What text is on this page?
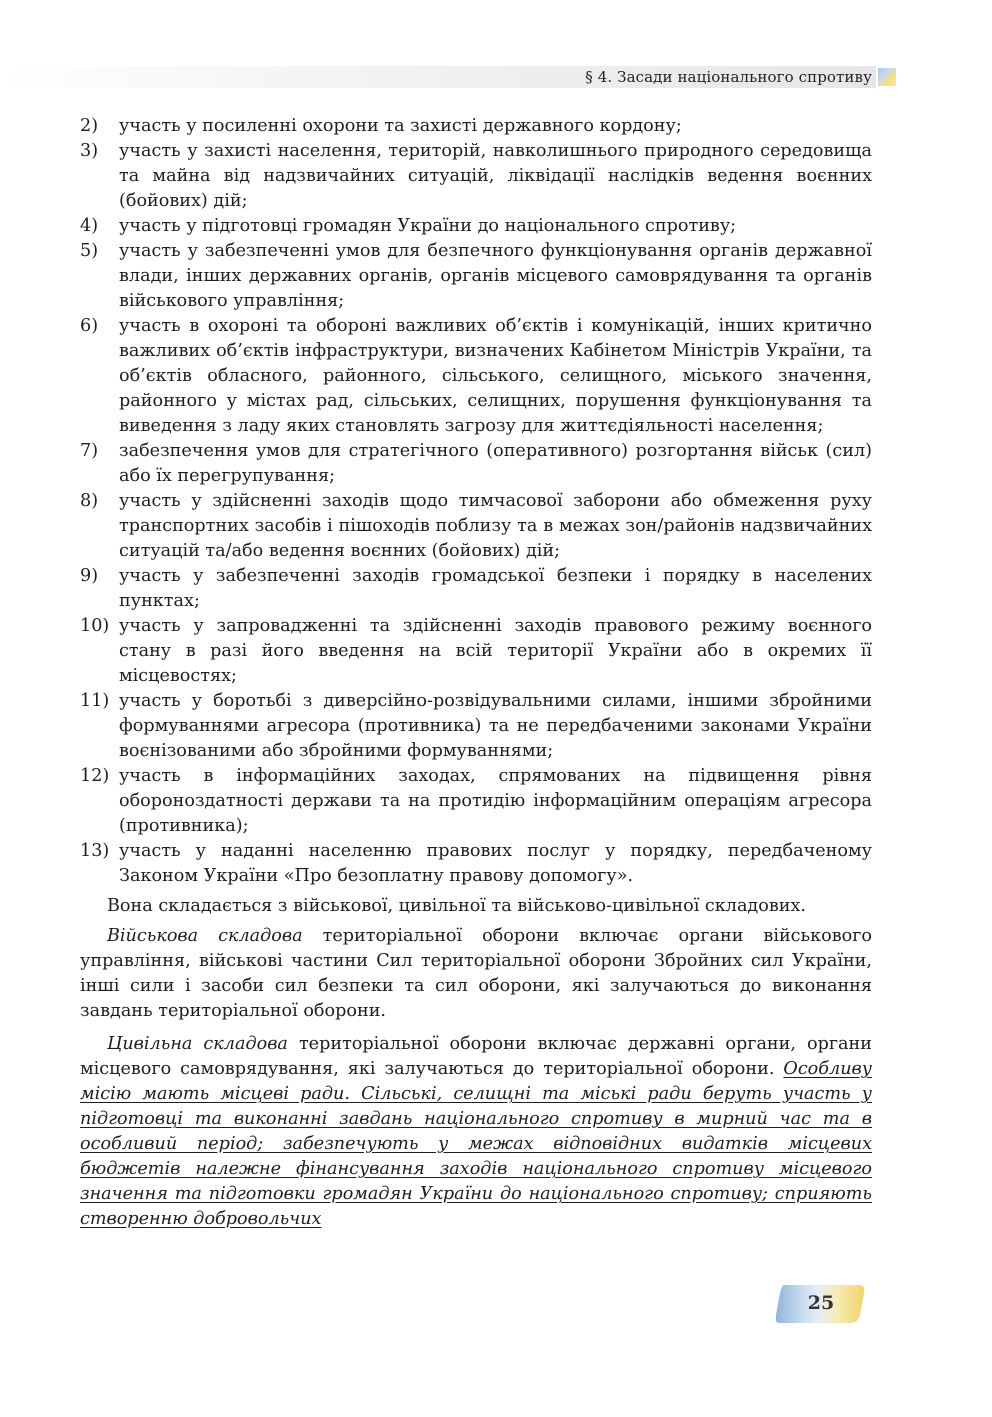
§ 4. Засади національного спротиву
2)	участь у посиленні охорони та захисті державного кордону;
3)	участь у захисті населення, територій, навколишнього природного середовища та майна від надзвичайних ситуацій, ліквідації наслідків ведення воєнних (бойових) дій;
4)	участь у підготовці громадян України до національного спротиву;
5)	участь у забезпеченні умов для безпечного функціонування органів державної влади, інших державних органів, органів місцевого самоврядування та органів військового управління;
6)	участь в охороні та обороні важливих об’єктів і комунікацій, інших критично важливих об’єктів інфраструктури, визначених Кабінетом Міністрів України, та об’єктів обласного, районного, сільського, селищного, міського значення, районного у містах рад, сільських, селищних, порушення функціонування та виведення з ладу яких становлять загрозу для життєдіяльності населення;
7)	забезпечення умов для стратегічного (оперативного) розгортання військ (сил) або їх перегрупування;
8)	участь у здійсненні заходів щодо тимчасової заборони або обмеження руху транспортних засобів і пішоходів поблизу та в межах зон/районів надзвичайних ситуацій та/або ведення воєнних (бойових) дій;
9)	участь у забезпеченні заходів громадської безпеки і порядку в населених пунктах;
10) участь у запровадженні та здійсненні заходів правового режиму воєнного стану в разі його введення на всій території України або в окремих її місцевостях;
11) участь у боротьбі з диверсійно-розвідувальними силами, іншими збройними формуваннями агресора (противника) та не передбаченими законами України воєнізованими або збройними формуваннями;
12) участь в інформаційних заходах, спрямованих на підвищення рівня обороноздатності держави та на протидію інформаційним операціям агресора (противника);
13) участь у наданні населенню правових послуг у порядку, передбаченому Законом України «Про безоплатну правову допомогу».

Вона складається з військової, цивільної та військово-цивільної складових.

Військова складова територіальної оборони включає органи військового управління, військові частини Сил територіальної оборони Збройних сил України, інші сили і засоби сил безпеки та сил оборони, які залучаються до виконання завдань територіальної оборони.

Цивільна складова територіальної оборони включає державні органи, органи місцевого самоврядування, які залучаються до територіальної оборони. Особливу місію мають місцеві ради. Сільські, селищні та міські ради беруть участь у підготовці та виконанні завдань національного спротиву в мирний час та в особливий період; забезпечують у межах відповідних видатків місцевих бюджетів належне фінансування заходів національного спротиву місцевого значення та підготовки громадян України до національного спротиву; сприяють створенню добровольчих

25
